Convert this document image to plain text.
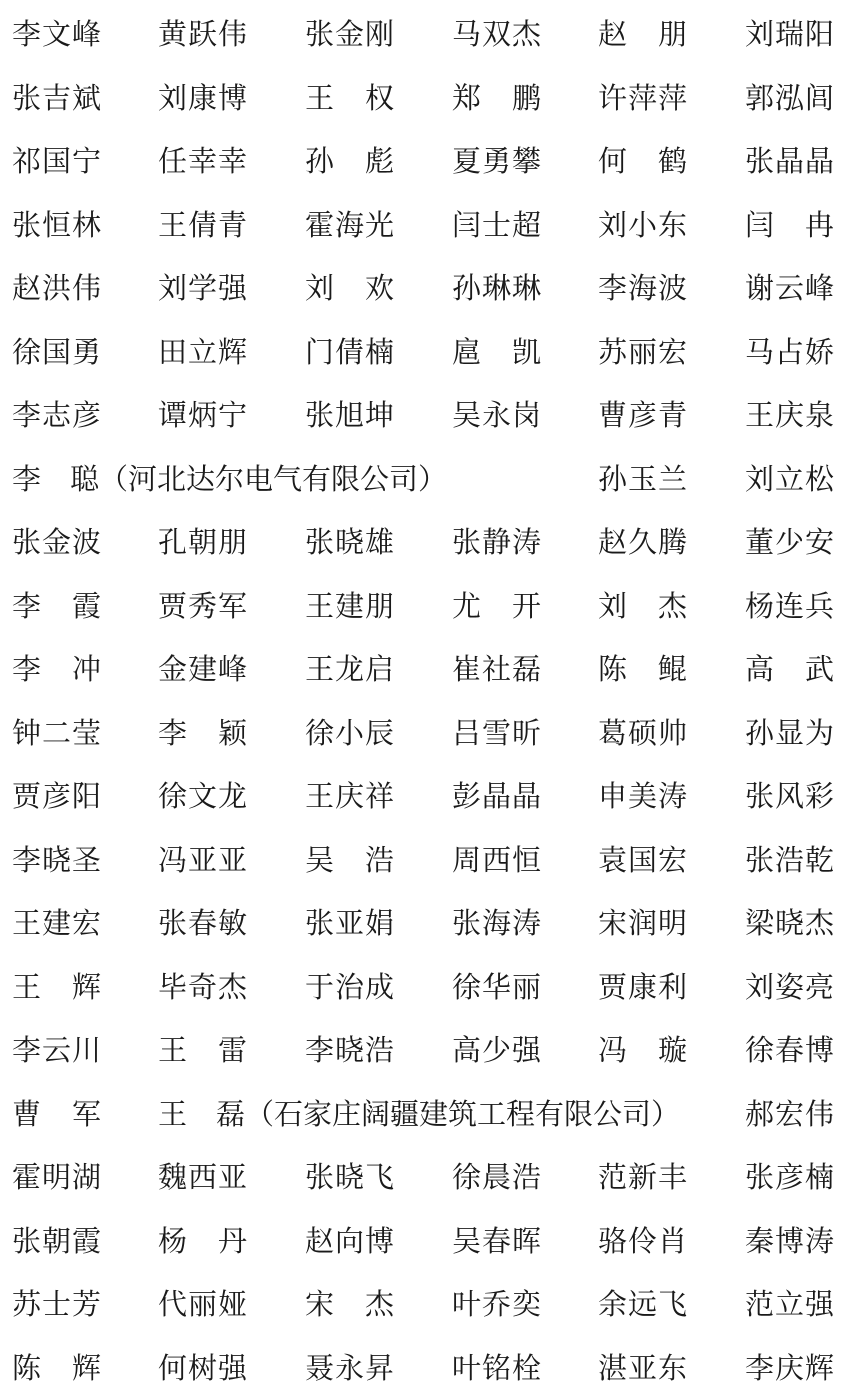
李文峰 黄跃伟 张金刚 马双杰 赵　朋 刘瑞阳
张吉斌 刘康博 王　权 郑　鹏 许萍萍 郭泓闾
祁国宁 任幸幸 孙　彪 夏勇攀 何　鹤 张晶晶
张恒林 王倩青 霍海光 闫士超 刘小东 闫　冉
赵洪伟 刘学强 刘　欢 孙琳琳 李海波 谢云峰
徐国勇 田立辉 门倩楠 扈　凯 苏丽宏 马占娇
李志彦 谭炳宁 张旭坤 吴永岗 曹彦青 王庆泉
李　聪（河北达尔电气有限公司）	孙玉兰 刘立松
张金波 孔朝朋 张晓雄 张静涛 赵久腾 董少安
李　霞 贾秀军 王建朋 尤　开 刘　杰 杨连兵
李　冲 金建峰 王龙启 崔社磊 陈　鲲 高　武
钟二莹 李　颖 徐小辰 吕雪昕 葛硕帅 孙显为
贾彦阳 徐文龙 王庆祥 彭晶晶 申美涛 张风彩
李晓圣 冯亚亚 吴　浩 周西恒 袁国宏 张浩乾
王建宏 张春敏 张亚娟 张海涛 宋润明 梁晓杰
王　辉 毕奇杰 于治成 徐华丽 贾康利 刘姿亮
李云川 王　雷 李晓浩 高少强 冯　璇 徐春博
曹　军 王　磊（石家庄阔疆建筑工程有限公司） 郝宏伟
霍明湖 魏西亚 张晓飞 徐晨浩 范新丰 张彦楠
张朝霞 杨　丹 赵向博 吴春晖 骆伶肖 秦博涛
苏士芳 代丽娅 宋　杰 叶乔奕 余远飞 范立强
陈　辉 何树强 聂永昇 叶铭栓 湛亚东 李庆辉
